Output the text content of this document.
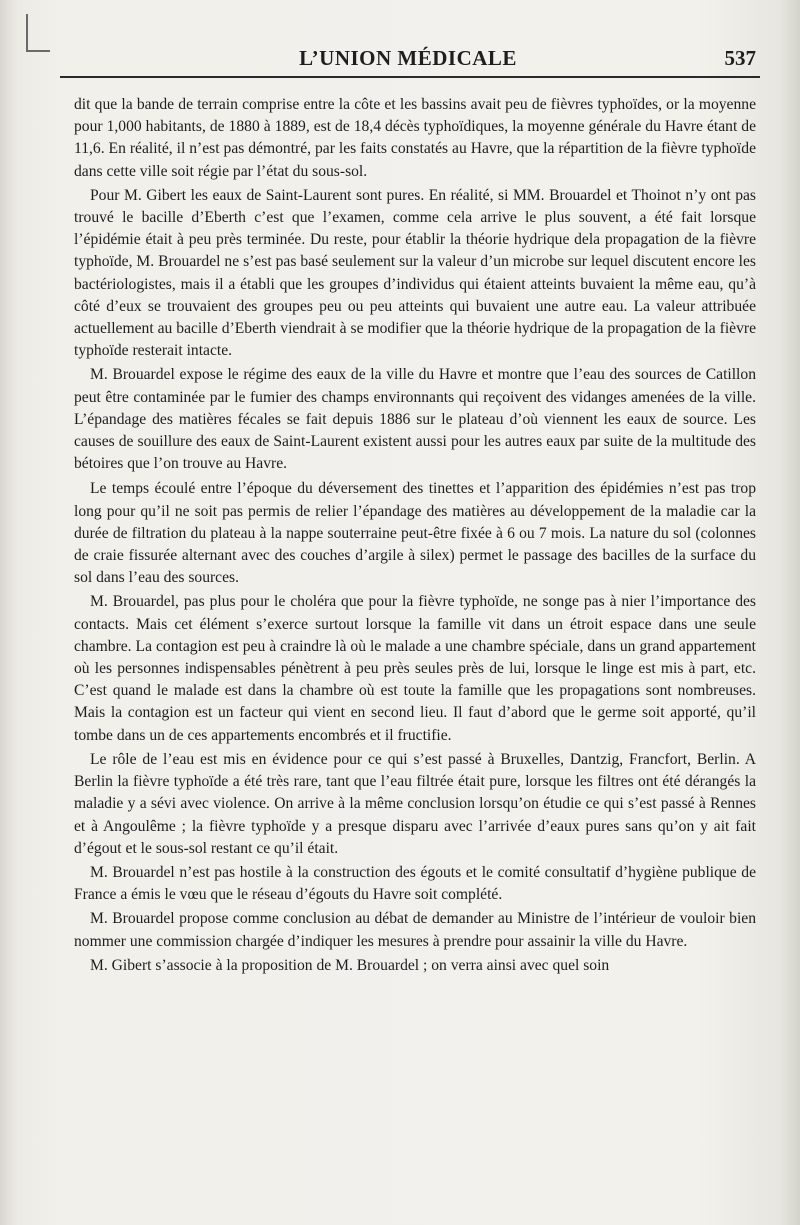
L’UNION MÉDICALE	537

dit que la bande de terrain comprise entre la côte et les bassins avait peu de fièvres typhoïdes, or la moyenne pour 1,000 habitants, de 1880 à 1889, est de 18,4 décès typhoïdiques, la moyenne générale du Havre étant de 11,6. En réalité, il n’est pas démontré, par les faits constatés au Havre, que la répartition de la fièvre typhoïde dans cette ville soit régie par l’état du sous-sol.

Pour M. Gibert les eaux de Saint-Laurent sont pures. En réalité, si MM. Brouardel et Thoinot n’y ont pas trouvé le bacille d’Eberth c’est que l’examen, comme cela arrive le plus souvent, a été fait lorsque l’épidémie était à peu près terminée. Du reste, pour établir la théorie hydrique dela propagation de la fièvre typhoïde, M. Brouardel ne s’est pas basé seulement sur la valeur d’un microbe sur lequel discutent encore les bactériologistes, mais il a établi que les groupes d’individus qui étaient atteints buvaient la même eau, qu’à côté d’eux se trouvaient des groupes peu ou peu atteints qui buvaient une autre eau. La valeur attribuée actuellement au bacille d’Eberth viendrait à se modifier que la théorie hydrique de la propagation de la fièvre typhoïde resterait intacte.

M. Brouardel expose le régime des eaux de la ville du Havre et montre que l’eau des sources de Catillon peut être contaminée par le fumier des champs environnants qui reçoivent des vidanges amenées de la ville. L’épandage des matières fécales se fait depuis 1886 sur le plateau d’où viennent les eaux de source. Les causes de souillure des eaux de Saint-Laurent existent aussi pour les autres eaux par suite de la multitude des bétoires que l’on trouve au Havre.

Le temps écoulé entre l’époque du déversement des tinettes et l’apparition des épidémies n’est pas trop long pour qu’il ne soit pas permis de relier l’épandage des matières au développement de la maladie car la durée de filtration du plateau à la nappe souterraine peut-être fixée à 6 ou 7 mois. La nature du sol (colonnes de craie fissurée alternant avec des couches d’argile à silex) permet le passage des bacilles de la surface du sol dans l’eau des sources.

M. Brouardel, pas plus pour le choléra que pour la fièvre typhoïde, ne songe pas à nier l’importance des contacts. Mais cet élément s’exerce surtout lorsque la famille vit dans un étroit espace dans une seule chambre. La contagion est peu à craindre là où le malade a une chambre spéciale, dans un grand appartement où les personnes indispensables pénètrent à peu près seules près de lui, lorsque le linge est mis à part, etc. C’est quand le malade est dans la chambre où est toute la famille que les propagations sont nombreuses. Mais la contagion est un facteur qui vient en second lieu. Il faut d’abord que le germe soit apporté, qu’il tombe dans un de ces appartements encombrés et il fructifie.

Le rôle de l’eau est mis en évidence pour ce qui s’est passé à Bruxelles, Dantzig, Francfort, Berlin. A Berlin la fièvre typhoïde a été très rare, tant que l’eau filtrée était pure, lorsque les filtres ont été dérangés la maladie y a sévi avec violence. On arrive à la même conclusion lorsqu’on étudie ce qui s’est passé à Rennes et à Angoulême ; la fièvre typhoïde y a presque disparu avec l’arrivée d’eaux pures sans qu’on y ait fait d’égout et le sous-sol restant ce qu’il était.

M. Brouardel n’est pas hostile à la construction des égouts et le comité consultatif d’hygiène publique de France a émis le vœu que le réseau d’égouts du Havre soit complété.

M. Brouardel propose comme conclusion au débat de demander au Ministre de l’intérieur de vouloir bien nommer une commission chargée d’indiquer les mesures à prendre pour assainir la ville du Havre.

M. Gibert s’associe à la proposition de M. Brouardel ; on verra ainsi avec quel soin
